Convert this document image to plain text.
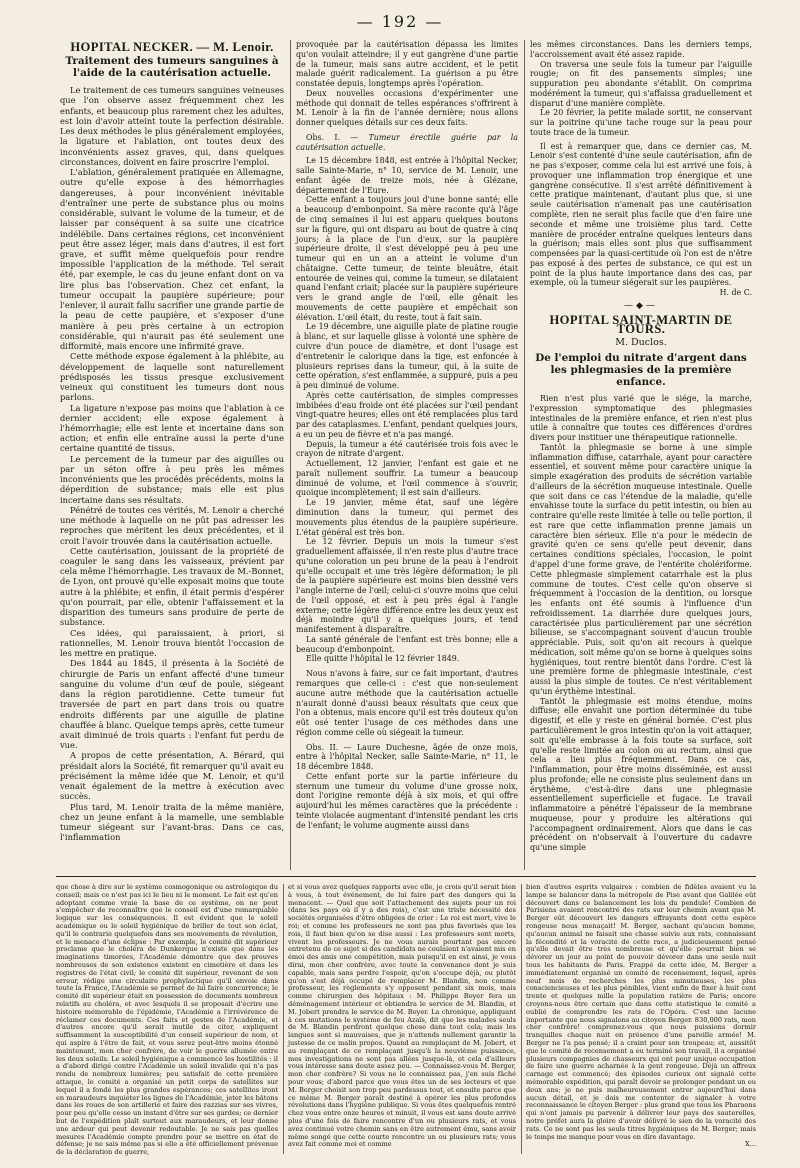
— 192 —
HOPITAL NECKER. — M. Lenoir.
Traitement des tumeurs sanguines à l'aide de la cautérisation actuelle.

Le traitement de ces tumeurs sanguines veineuses que l'on observe assez fréquemment chez les enfants, et beaucoup plus rarement chez les adultes, est loin d'avoir atteint toute la perfection désirable. Les deux méthodes le plus généralement employées, la ligature et l'ablation, ont toutes deux des inconvénients assez graves, qui, dans quelques circonstances, doivent en faire proscrire l'emploi.

L'ablation, généralement pratiquée en Allemagne, outre qu'elle expose à des hémorrhagies dangereuses, à pour inconvénient inévitable d'entraîner une perte de substance plus ou moins considérable, suivant le volume de la tumeur, et de laisser par conséquent à sa suite une cicatrice indélébile. Dans certaines régions, cet inconvénient peut être assez léger, mais dans d'autres, il est fort grave, et suffit même quelquefois pour rendre impossible l'application de la méthode. Tel serait été, par exemple, le cas du jeune enfant dont on va lire plus bas l'observation. Chez cet enfant, la tumeur occupait la paupière supérieure; pour l'enlever, il aurait fallu sacrifier une grande partie de la peau de cette paupière, et s'exposer d'une manière à peu près certaine à un ectropion considérable, qui n'aurait pas été seulement une difformité, mais encore une infirmité grave.

Cette méthode expose également à la phlébite, au développement de laquelle sont naturellement prédisposés les tissus presque exclusivement veineux qui constituent les tumeurs dont nous parlons.

La ligature n'expose pas moins que l'ablation à ce dernier accident; elle expose également à l'hémorrhagie; elle est lente et incertaine dans son action; et enfin elle entraîne aussi la perte d'une certaine quantité de tissus.

Le percement de la tumeur par des aiguilles ou par un séton offre à peu près les mêmes inconvénients que les procédés précédents, moins la déperdition de substance; mais elle est plus incertaine dans ses résultats.

Pénétré de toutes ces vérités, M. Lenoir a cherché une méthode à laquelle on ne pût pas adresser les reproches que méritent les deux précédentes, et il croit l'avoir trouvée dans la cautérisation actuelle.

Cette cautérisation, jouissant de la propriété de coaguler le sang dans les vaisseaux, prévient par cela même l'hémorrhagie. Les travaux de M.-Bonnet, de Lyon, ont prouvé qu'elle exposait moins que toute autre à la phlébite; et enfin, il était permis d'espérer qu'on pourrait, par elle, obtenir l'affaissement et la disparition des tumeurs sans produire de perte de substance.

Ces idées, qui paraissaient, à priori, si rationnelles, M. Lenoir trouva bientôt l'occasion de les mettre en pratique.

Des 1844 au 1845, il présenta à la Société de chirurgie de Paris un enfant affecté d'une tumeur sanguine du volume d'un œuf de poule, siégeant dans la région parotidienne. Cette tumeur fut traversée de part en part dans trois ou quatre endroits différents par une aiguille de platine chauffée à blanc. Quelque temps après, cette tumeur avait diminué de trois quarts : l'enfant fut perdu de vue.

A propos de cette présentation, A. Bérard, qui présidait alors la Société, fit remarquer qu'il avait eu précisément la même idée que M. Lenoir, et qu'il venait également de la mettre à exécution avec succès.

Plus tard, M. Lenoir traita de la même manière, chez un jeune enfant à la mamelle, une semblable tumeur siégeant sur l'avant-bras. Dans ce cas, l'inflammation

provoquée par la cautérisation dépassa les limites qu'on voulait atteindre; il y eut gangrène d'une partie de la tumeur, mais sans autre accident, et le petit malade guérit radicalement. La guérison a pu être constatée depuis, longtemps après l'opération.

Deux nouvelles occasions d'expérimenter une méthode qui donnait de telles espérances s'offrirent à M. Lenoir à la fin de l'année dernière; nous allons donner quelques détails sur ces deux faits.

Obs. I. — Tumeur érectile guérie par la cautérisation actuelle.

Le 15 décembre 1848, est entrée à l'hôpital Necker, salle Sainte-Marie, n° 10, service de M. Lenoir, une enfant âgée de treize mois, née à Glézane, département de l'Eure.

Cette enfant a toujours joui d'une bonne santé; elle a beaucoup d'embonpoint. Sa mère raconte qu'à l'âge de cinq semaines il lui est apparu quelques boutons sur la figure, qui ont disparu au bout de quatre à cinq jours; à la place de l'un d'eux, sur la paupière supérieure droite, il s'est développé peu à peu une tumeur qui en un an a atteint le volume d'un châtaigne. Cette tumeur, de teinte bleuâtre, était entourée de veines qui, comme la tumeur, se dilataient quand l'enfant criait; placée sur la paupière supérieure vers le grand angle de l'œil, elle gênait les mouvements de cette paupière et empêchait son élévation. L'œil était, du reste, tout à fait sain.

Le 19 décembre, une aiguille plate de platine rougie à blanc, et sur laquelle glisse à volonté une sphère de cuivre d'un pouce de diamètre, et dont l'usage est d'entretenir le calorique dans la tige, est enfoncée à plusieurs reprises dans la tumeur, qui, à la suite de cette opération, s'est enflammée, a suppuré, puis a peu à peu diminué de volume.

Après cette cautérisation, de simples compresses imbibées d'eau froide ont été placées sur l'œil pendant vingt-quatre heures; elles ont été remplacées plus tard par des cataplasmes. L'enfant, pendant quelques jours, a eu un peu de fièvre et n'a pas mangé.

Depuis, la tumeur a été cautérisée trois fois avec le crayon de nitrate d'argent.

Actuellement, 12 janvier, l'enfant est gaie et ne paraît nullement souffrir. La tumeur a beaucoup diminué de volume, et l'œil commence à s'ouvrir, quoique incomplètement; il est sain d'ailleurs.

Le 19 janvier, même état, sauf une légère diminution dans la tumeur, qui permet des mouvements plus étendus de la paupière supérieure. L'état général est très bon.

Le 12 février. Depuis un mois la tumeur s'est graduellement affaissée, il n'en reste plus d'autre trace qu'une coloration un peu brune de la peau à l'endroit qu'elle occupait et une très légère déformation; le pli de la paupière supérieure est moins bien dessiné vers l'angle interne de l'œil; celui-ci s'ouvre moins que celui de l'œil opposé, et est à peu près égal à l'angle externe; cette légère différence entre les deux yeux est déjà moindre qu'il y a quelques jours, et tend manifestement à disparaître.

La santé générale de l'enfant est très bonne; elle a beaucoup d'embonpoint.

Elle quitte l'hôpital le 12 février 1849.

Nous n'avons à faire, sur ce fait important, d'autres remarques que celle-ci : c'est que non-seulement aucune autre méthode que la cautérisation actuelle n'aurait donné d'aussi beaux résultats que ceux que l'on a obtenus, mais encore qu'il est très douteux qu'on eût osé tenter l'usage de ces méthodes dans une région comme celle où siégeait la tumeur.

Obs. II. — Laure Duchesne, âgée de onze mois, entre à l'hôpital Necker, salle Sainte-Marie, n° 11, le 18 décembre 1848.

Cette enfant porte sur la partie inférieure du sternum une tumeur du volume d'une grosse noix, dont l'origine remonte déjà à six mois, et qui offre aujourd'hui les mêmes caractères que la précédente : teinte violacée augmentant d'intensité pendant les cris de l'enfant; le volume augmente aussi dans

les mêmes circonstances. Dans les derniers temps, l'accroissement avait été assez rapide.

On traversa une seule fois la tumeur par l'aiguille rougie; on fit des pansements simples; une suppuration peu abondante s'établit. On comprima modérément la tumeur, qui s'affaissa graduellement et disparut d'une manière complète.

Le 20 février, la petite malade sortit, ne conservant sur la poitrine qu'une tache rouge sur la peau pour toute trace de la tumeur.

Il est à remarquer que, dans ce dernier cas, M. Lenoir s'est contenté d'une seule cautérisation, afin de ne pas s'exposer, comme cela lui est arrivé une fois, à provoquer une inflammation trop énergique et une gangrène consécutive. Il s'est arrêté définitivement à cette pratique maintenant, d'autant plus que, si une seule cautérisation n'amenait pas une cautérisation complète, rien ne serait plus facile que d'en faire une seconde et même une troisième plus tard. Cette manière de procéder entraîne quelques lenteurs dans la guérison; mais elles sont plus que suffisamment compensées par la quasi-certitude où l'on est de n'être pas exposé à des pertes de substance, ce qui est un point de la plus haute importance dans des cas, par exemple, où la tumeur siégerait sur les paupières.

H. de C.

—◆—
HOPITAL SAINT-MARTIN DE TOURS.
M. Duclos.
De l'emploi du nitrate d'argent dans les phlegmasies de la première enfance.

Rien n'est plus varié que le siége, la marche, l'expression symptomatique des phlegmasies intestinales de la première enfance, et rien n'est plus utile à connaître que toutes ces différences d'ordres divers pour instituer une thérapeutique rationnelle.

Tantôt la phlegmasie se borne à une simple inflammation diffuse, catarrhale, ayant pour caractère essentiel, et souvent même pour caractère unique la simple exagération des produits de sécrétion variable d'ailleurs de la sécrétion muqueuse intestinale. Quelle que soit dans ce cas l'étendue de la maladie, qu'elle envahisse toute la surface du petit intestin, ou bien au contraire qu'elle reste limitée à telle ou telle portion, il est rare que cette inflammation prenne jamais un caractère bien sérieux. Elle n'a pour le médecin de gravité qu'en ce sens qu'elle peut devenir, dans certaines conditions spéciales, l'occasion, le point d'appel d'une forme grave, de l'entérite cholériforme. Cette phlegmasie simplement catarrhale est la plus commune de toutes. C'est celle qu'on observe si fréquemment à l'occasion de la dentition, ou lorsque les enfants ont été soumis à l'influence d'un refroidissement. La diarrhée dure quelques jours, caractérisée plus particulièrement par une sécrétion bilieuse, se s'accompagnant souvent d'aucun trouble appréciable. Puis, soit qu'on ait recours à quelque médication, soit même qu'on se borne à quelques soins hygiéniques, tout rentre bientôt dans l'ordre. C'est là une première forme de phlegmasie intestinale, c'est aussi la plus simple de toutes. Ce n'est véritablement qu'un érythème intestinal.

Tantôt la phlegmasie est moins étendue, moins diffuse; elle envahit une portion déterminée du tube digestif, et elle y reste en général bornée. C'est plus particulièrement le gros intestin qu'on la voit attaquer, soit qu'elle embrasse à la fois toute sa surface, soit qu'elle reste limitée au colon ou au rectum, ainsi que cela a lieu plus fréquemment. Dans ce cas, l'inflammation, pour être moins disséminée, est aussi plus profonde; elle ne consiste plus seulement dans un érythème, c'est-à-dire dans une phlegmasie essentiellement superficielle et fugace. Le travail inflammatoire a pénétré l'épaisseur de la membrane muqueuse, pour y produire les altérations qui l'accompagnent ordinairement. Alors que dans le cas précédent on n'observait à l'ouverture du cadavre qu'une simple

que chose à dire sur le système cosmogonique ou astrologique du conseil; mais ce n'est pas ici le lieu ni le moment. Le fait est qu'en adoptant comme vraie la base de ce système, on ne peut s'empêcher de reconnaître que le conseil est d'une remarquable logique sur les conséquences. Il est évident que le soleil académique ou le soleil hygiénique de briller de tout son éclat, qu'il le contrarie quelquefois dans ses mouvements de révolution, et le menace d'une éclipse : Par exemple, le comité dit supérieur proclame que le choléra de Dunkerque n'existe que dans les imaginations timorées, l'Académie démontre que des preuves nombreuses de son existence existent en cimetière et dans les registres de l'état civil; le comité dit supérieur, revenant de son erreur, rédige une circulaire prophylactique qu'il envoie dans toute la France, l'Académie se permet de lui faire concurrence; le comité dit supérieur était en possession de documents nombreux relatifs au choléra, et avec lesquels il se proposait d'écrire une histoire mémorable de l'épidémie, l'Académie a l'irrévérence de réclamer ces documents. Ces faits et gestes de l'Académie, et d'autres encore qu'il serait inutile de citer, expliquent suffisamment la susceptibilité d'un conseil supérieur de nom, et qui aspire à l'être de fait, et vous serez peut-être moins étonné maintenant, mon cher confrère, de voir le guerre allumée entre les deux soleils. Le soleil hygiénique a commencé les hostilités : il a d'abord dirigé contre l'Académie un soleil invalide qui n'a pas rendu de nombreux lumières; peu satisfait de cette première attaque, le comité a organisé un petit corps de satellites sur lequel il a fondé les plus grandes espérances; ces satellites iront en maraudeurs inquiéter les lignes de l'Académie, jeter les bâtons dans les roues de son artillerie et faire des razzias sur ses vivres, pour peu qu'elle cesse un instant d'être sur ses gardes; ce dernier but de l'expédition plaît surtout aux maraudeurs, et leur donne une ardeur qui peut devenir redoutable. Je ne sais pas quelles mesures l'Académie compte prendre pour se mettre en état de défense; je ne sais même pas si elle a été officiellement prévenue de la déclaration de guerre,
et si vous avez quelques rapports avec elle, je crois qu'il serait bien à vous, à tout événement, de lui faire part des dangers qui la menacent. — Quel que soit l'attachement des sujets pour un roi (dans les pays où il y a des rois), c'est une triste nécessité des sociétés organisées d'être obligées de crier : Le roi est mort, vive le roi; et comme les professeurs ne sont pas plus favorisés que les rois, il faut bien qu'on se dise aussi : Les professeurs sont morts, vivent les professeurs. Je ne vous aurais pourtant pas encore entretenu de ce sujet si des candidats ne coulaient n'avaient mis en émoi des amis une compétition, mais puisqu'il en est ainsi, je vous dirai, mon cher confrère, avec toute la convenance dont je suis capable, mais sans perdre l'espoir, qu'on s'occupe déjà, ou plutôt qu'on s'est déjà occupé de remplacer M. Blandin, non comme professeur, les règlements s'y opposent pendant six mois, mais comme chirurgien des hôpitaux : M. Philippe Boyer fera un déménagement intérieur et obtiendra le service de M. Blandin, et M. Jobert prendra le service de M. Boyer. La chronique, appliquant à ces mutations le système de feu Azaïs, dit que les malades seuls de M. Blandin perdront quelque chose dans tout cela; mais les langues sont si mauvaises, que je n'attends nullement garantir la justesse de ce malin propos. Quand au remplaçant de M. Jobert, et au remplaçant de ce remplaçant jusqu'à la neuvième puissance, mes investigations ne sont pas allées jusque-là, et cela d'ailleurs vous intéresse sans doute assez peu. — Connaissez-vous M. Berger, mon cher confrère? Si vous ne le connaissez pas, j'en suis fâché pour vous; d'abord parce que vous êtes un de ses lecteurs et que M. Berger choisit son trop peu pardessus tout, et ensuite parce que ce même M. Berger paraît destiné à opérer les plus profondes révolutions dans l'hygiène publique. Si vous êtes quelquefois rentré chez vous entre onze heures et minuit, il vous est sans doute arrivé plus d'une fois de faire rencontre d'un ou plusieurs rats, et vous avez continué votre chemin sans en être autrement ému, sans avoir même songé que cette courte rencontre un ou plusieurs rats; vous avez fait comme moi et comme
bien d'autres esprits vulgaires : combien de fidèles avaient vu la lampe se balancer dans la métropole de Pise avant que Galilée eût découvert dans ce balancement les lois du pendule! Combien de Parisiens avaient rencontré des rats sur leur chemin avant que M. Berger eût découvert les dangers effrayants dont cette espèce rongeuse nous menaçait! M. Berger, sachant qu'aucun homme, qu'aucun animal ne faisait une chasse suivie aux rats, connaissant la fécondité et la voracité de cette race, a judicieusement pensé qu'elle devait être très nombreuse et qu'elle pourrait bien se dévorer un jour au point de pouvoir dévorer dans une seule nuit tous les habitants de Paris. Frappé de cette idée, M. Berger a immédiatement organisé un comité de recensement, lequel, après neuf mois de recherches les plus minutieuses, les plus consciencieuses et les plus pénibles, vient enfin de fixer à huit cent trente et quelques mille la population ratière de Paris; encore croyons-nous être certain que dans cette statistique le comité a oublié de comprendre les rats de l'Opéra. C'est une lacune importante que nous signalons au citoyen Berger. 830,000 rats, mon cher confrère! comprenez-vous que nous puissions dormir tranquilles chaque nuit en présence d'une pareille armée! M. Berger ne l'a pas pensé; il a craint pour son troupeau; et, aussitôt que le comité de recensement a eu terminé son travail, il a organisé plusieurs compagnies de chasseurs qui ont pour unique occupation de faire une guerre acharnée à la gent rongeuse. Déjà un affreux carnage est commencé; des épisodes curieux ont signalé cette mémorable expédition, qui paraît devoir se prolonger pendant un ou deux ans; je ne puis malheureusement entrer aujourd'hui dans aucun détail, et je dois me contenter de signaler à votre reconnaissance le citoyen Berger : plus grand que tous les Pharaons qui n'ont jamais pu parvenir à délivrer leur pays des sauterelles, notre préfet aura la gloire d'avoir délivré le sien de la voracité des rats. Ce ne sont pas les seuls titres hygiéniques de M. Berger; mais le temps me manque pour vous en dire davantage.
X...
